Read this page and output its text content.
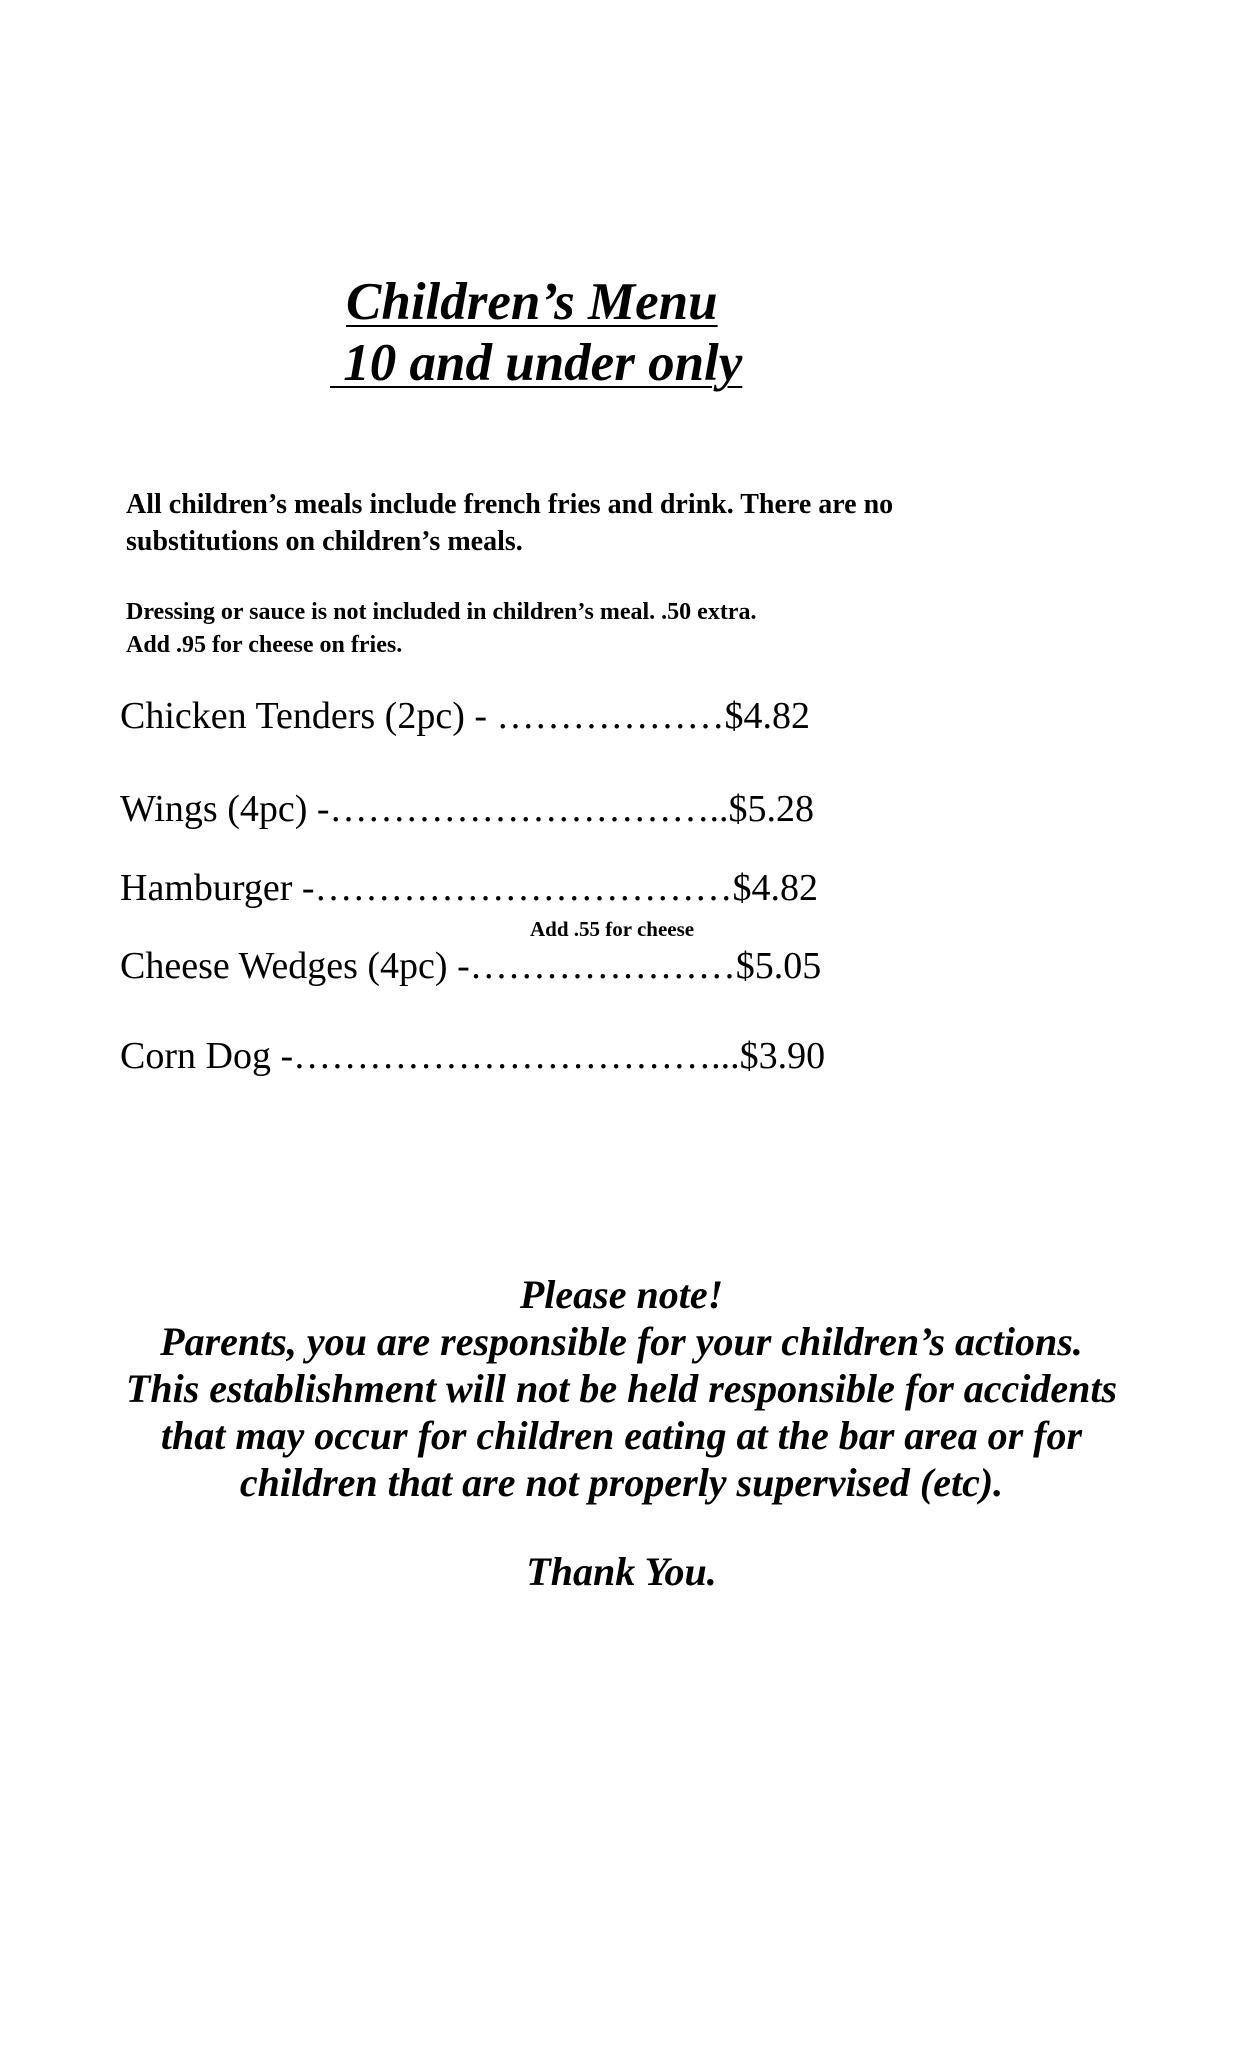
Children’s Menu
10 and under only

All children’s meals include french fries and drink. There are no
substitutions on children’s meals.

Dressing or sauce is not included in children’s meal. .50 extra.
Add .95 for cheese on fries.

Chicken Tenders (2pc) - ………………$4.82

Wings (4pc) -…………………………..$5.28

Hamburger -……………………………$4.82

Add .55 for cheese

Cheese Wedges (4pc) -…………………$5.05

Corn Dog -……………………………...$3.90

Please note!

Parents, you are responsible for your children’s actions.

This establishment will not be held responsible for accidents

that may occur for children eating at the bar area or for

children that are not properly supervised (etc).

Thank You.
